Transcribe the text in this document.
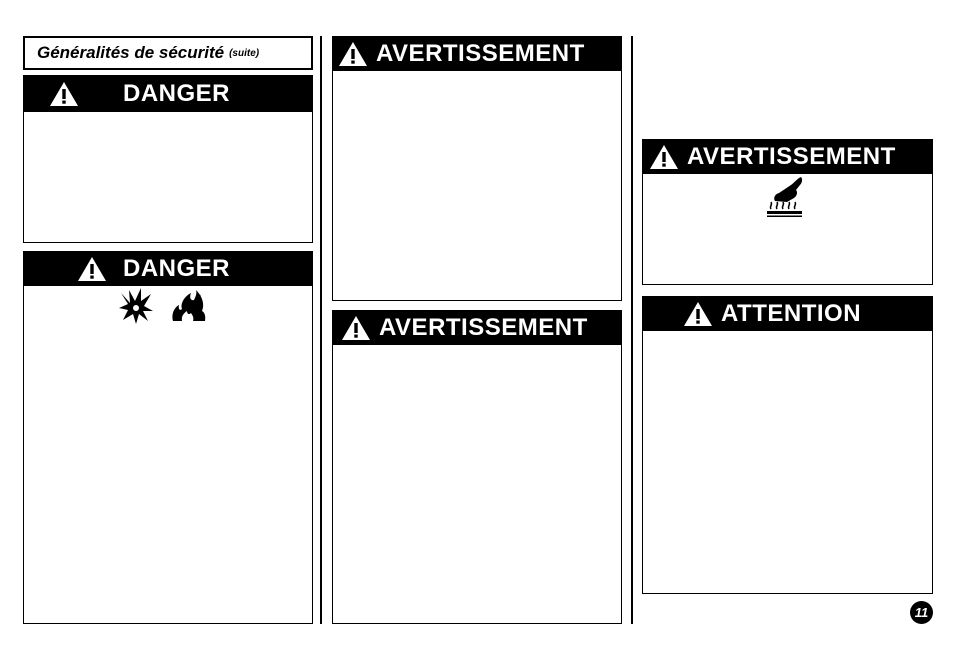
Généralités de sécurité (suite)
DANGER
DANGER
AVERTISSEMENT
AVERTISSEMENT
AVERTISSEMENT
ATTENTION
11
